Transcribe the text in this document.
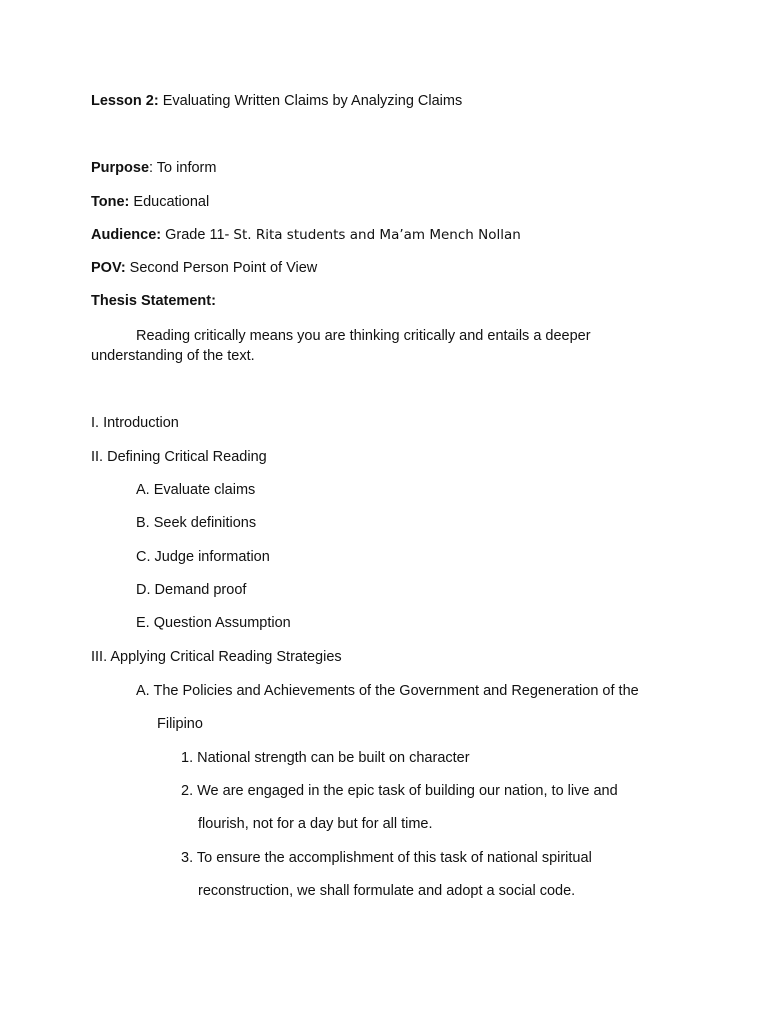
Lesson 2: Evaluating Written Claims by Analyzing Claims
Purpose: To inform
Tone: Educational
Audience: Grade 11- St. Rita students and Ma’am Mench Nollan
POV: Second Person Point of View
Thesis Statement:
Reading critically means you are thinking critically and entails a deeper
understanding of the text.
I. Introduction
II. Defining Critical Reading
A. Evaluate claims
B. Seek definitions
C. Judge information
D. Demand proof
E. Question Assumption
III. Applying Critical Reading Strategies
A. The Policies and Achievements of the Government and Regeneration of the
Filipino
1. National strength can be built on character
2. We are engaged in the epic task of building our nation, to live and
flourish, not for a day but for all time.
3. To ensure the accomplishment of this task of national spiritual
reconstruction, we shall formulate and adopt a social code.
